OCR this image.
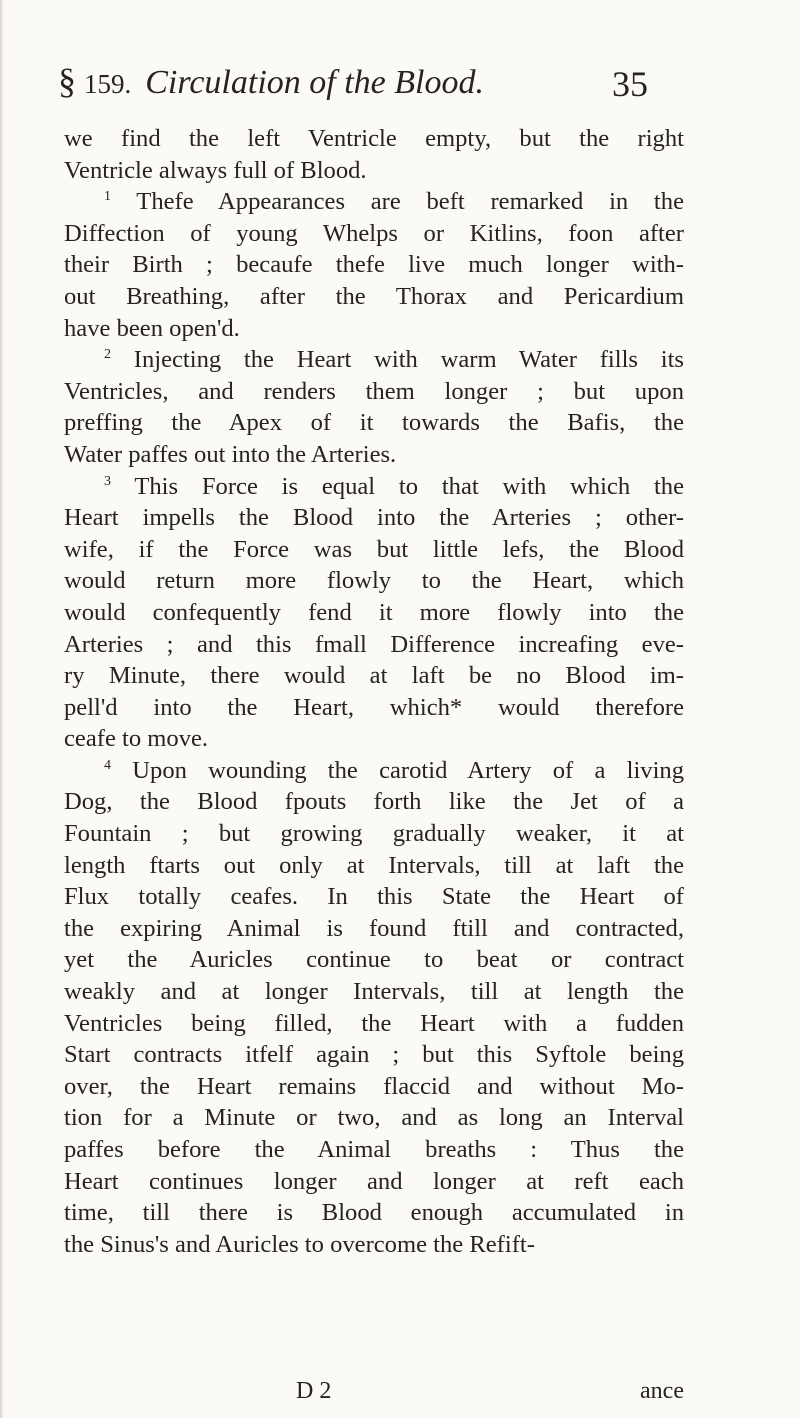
§ 159. Circulation of the Blood.	35
we find the left Ventricle empty, but the right
Ventricle always full of Blood.
$^1$ Thefe Appearances are beft remarked in the
Diffection of young Whelps or Kitlins, foon after
their Birth ; becaufe thefe live much longer with-
out Breathing, after the Thorax and Pericardium
have been open'd.
$^2$ Injecting the Heart with warm Water fills its
Ventricles, and renders them longer ; but upon
preffing the Apex of it towards the Bafis, the
Water paffes out into the Arteries.
$^3$ This Force is equal to that with which the
Heart impells the Blood into the Arteries ; other-
wife, if the Force was but little lefs, the Blood
would return more flowly to the Heart, which
would confequently fend it more flowly into the
Arteries ; and this fmall Difference increafing eve-
ry Minute, there would at laft be no Blood im-
pell'd into the Heart, which* would therefore
ceafe to move.
$^4$ Upon wounding the carotid Artery of a living
Dog, the Blood fpouts forth like the Jet of a
Fountain ; but growing gradually weaker, it at
length ftarts out only at Intervals, till at laft the
Flux totally ceafes. In this State the Heart of
the expiring Animal is found ftill and contracted,
yet the Auricles continue to beat or contract
weakly and at longer Intervals, till at length the
Ventricles being filled, the Heart with a fudden
Start contracts itfelf again ; but this Syftole being
over, the Heart remains flaccid and without Mo-
tion for a Minute or two, and as long an Interval
paffes before the Animal breaths : Thus the
Heart continues longer and longer at reft each
time, till there is Blood enough accumulated in
the Sinus's and Auricles to overcome the Refift-
D 2	ance
